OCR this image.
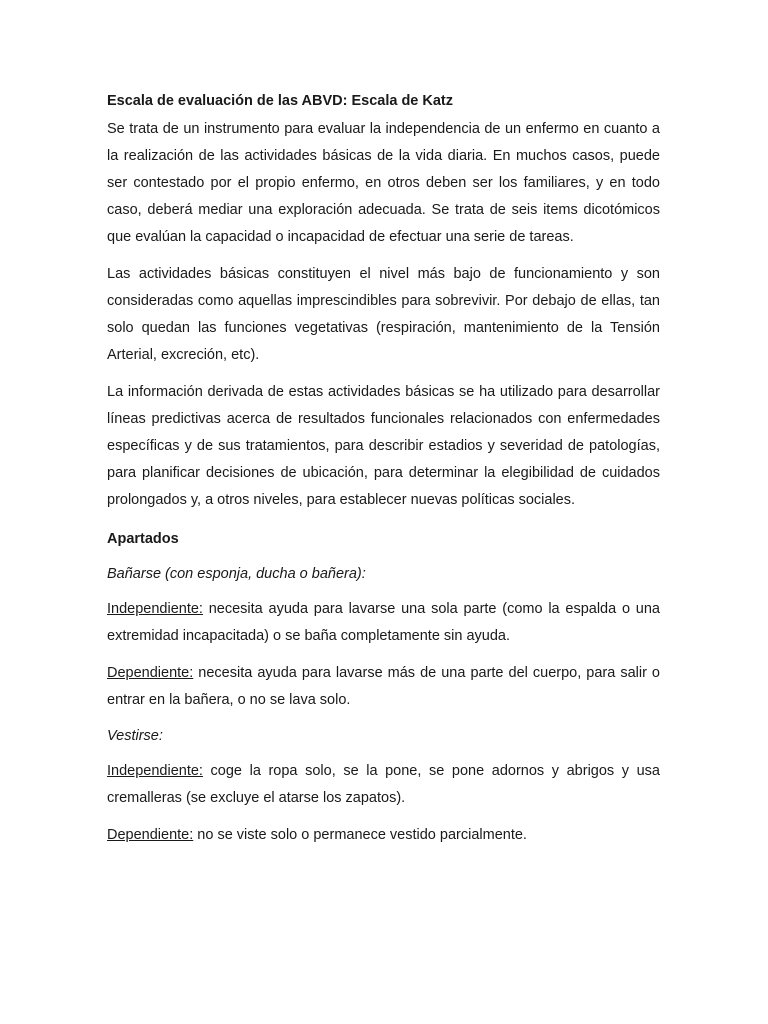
Escala de evaluación de las ABVD: Escala de Katz

Se trata de un instrumento para evaluar la independencia de un enfermo en cuanto a la realización de las actividades básicas de la vida diaria. En muchos casos, puede ser contestado por el propio enfermo, en otros deben ser los familiares, y en todo caso, deberá mediar una exploración adecuada. Se trata de seis items dicotómicos que evalúan la capacidad o incapacidad de efectuar una serie de tareas.

Las actividades básicas constituyen el nivel más bajo de funcionamiento y son consideradas como aquellas imprescindibles para sobrevivir. Por debajo de ellas, tan solo quedan las funciones vegetativas (respiración, mantenimiento de la Tensión Arterial, excreción, etc).

La información derivada de estas actividades básicas se ha utilizado para desarrollar líneas predictivas acerca de resultados funcionales relacionados con enfermedades específicas y de sus tratamientos, para describir estadios y severidad de patologías, para planificar decisiones de ubicación, para determinar la elegibilidad de cuidados prolongados y, a otros niveles, para establecer nuevas políticas sociales.

Apartados
Bañarse (con esponja, ducha o bañera):

Independiente: necesita ayuda para lavarse una sola parte (como la espalda o una extremidad incapacitada) o se baña completamente sin ayuda.

Dependiente: necesita ayuda para lavarse más de una parte del cuerpo, para salir o entrar en la bañera, o no se lava solo.

Vestirse:

Independiente: coge la ropa solo, se la pone, se pone adornos y abrigos y usa cremalleras (se excluye el atarse los zapatos).

Dependiente: no se viste solo o permanece vestido parcialmente.
